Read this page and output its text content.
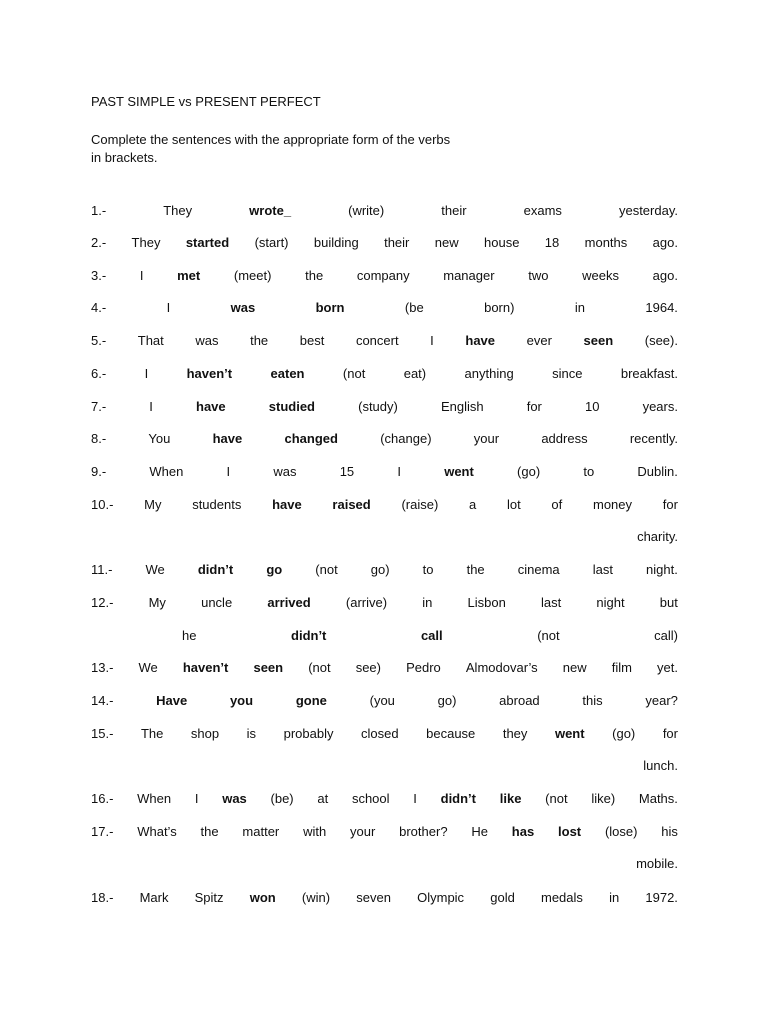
PAST SIMPLE vs PRESENT PERFECT

Complete the sentences with the appropriate form of the verbs in brackets.

1.-	They	wrote_	(write)	their	exams	yesterday.
2.- They started (start) building their new house 18 months ago.
3.-	I	met	(meet)	the	company	manager	two	weeks	ago.
4.-	I	was	born	(be	born)	in	1964.
5.- That was the best concert I have ever seen (see).
6.-	I	haven’t	eaten	(not	eat)	anything	since	breakfast.
7.-	I	have	studied	(study)	English	for	10	years.
8.-	You	have	changed	(change)	your	address	recently.
9.-	When	I	was	15	I	went	(go)	to	Dublin.
10.- My students have raised (raise) a lot of money for
charity.
11.-	We	didn’t	go	(not	go)	to	the	cinema	last	night.
12.-	My	uncle	arrived	(arrive)	in	Lisbon	last	night	but
he	didn’t	call	(not	call)
13.- We haven’t seen (not see) Pedro Almodovar’s new film yet.
14.-	Have	you	gone	(you	go)	abroad	this	year?
15.- The shop is probably closed because they went (go) for
lunch.
16.- When I was (be) at school I didn’t like (not like) Maths.
17.- What’s the matter with your brother? He has lost (lose) his
mobile.
18.- Mark Spitz won (win) seven Olympic gold medals in 1972.
